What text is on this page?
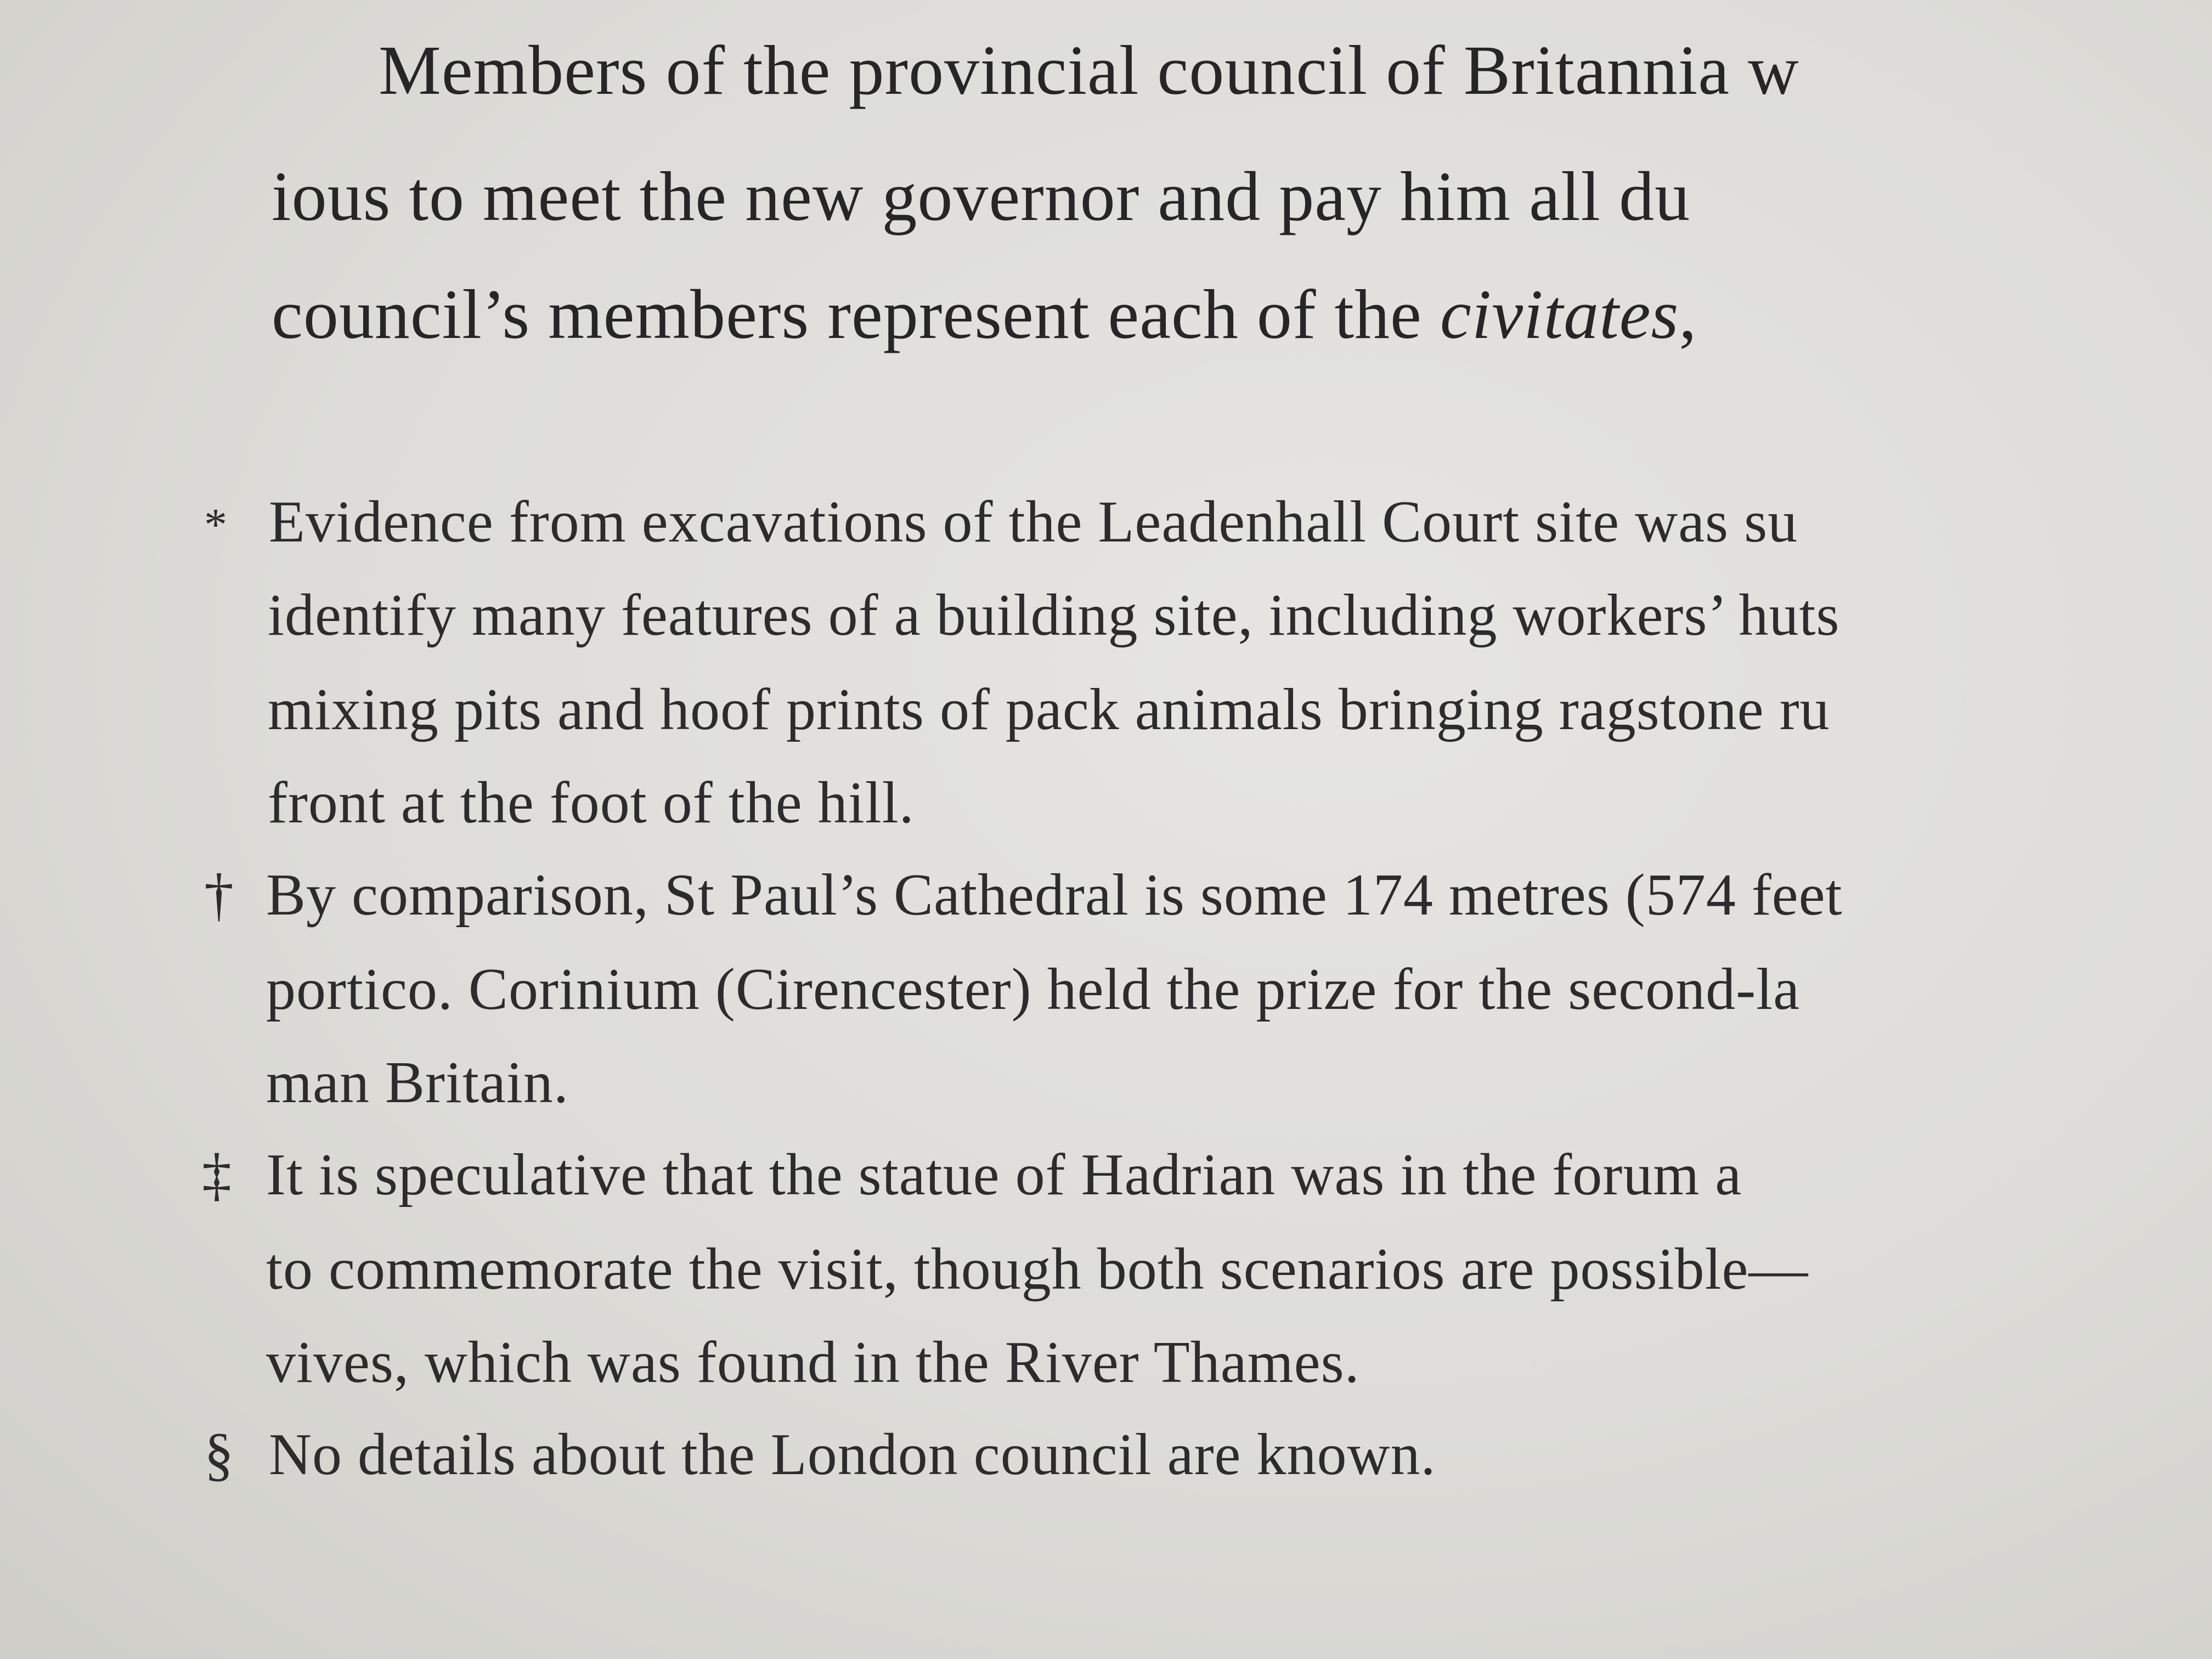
Members of the provincial council of Britannia w

ious to meet the new governor and pay him all du

council’s members represent each of the civitates,

* Evidence from excavations of the Leadenhall Court site was su

identify many features of a building site, including workers’ huts

mixing pits and hoof prints of pack animals bringing ragstone ru

front at the foot of the hill.

† By comparison, St Paul’s Cathedral is some 174 metres (574 feet

portico. Corinium (Cirencester) held the prize for the second-la

man Britain.

‡ It is speculative that the statue of Hadrian was in the forum a

to commemorate the visit, though both scenarios are possible—

vives, which was found in the River Thames.

§ No details about the London council are known.
